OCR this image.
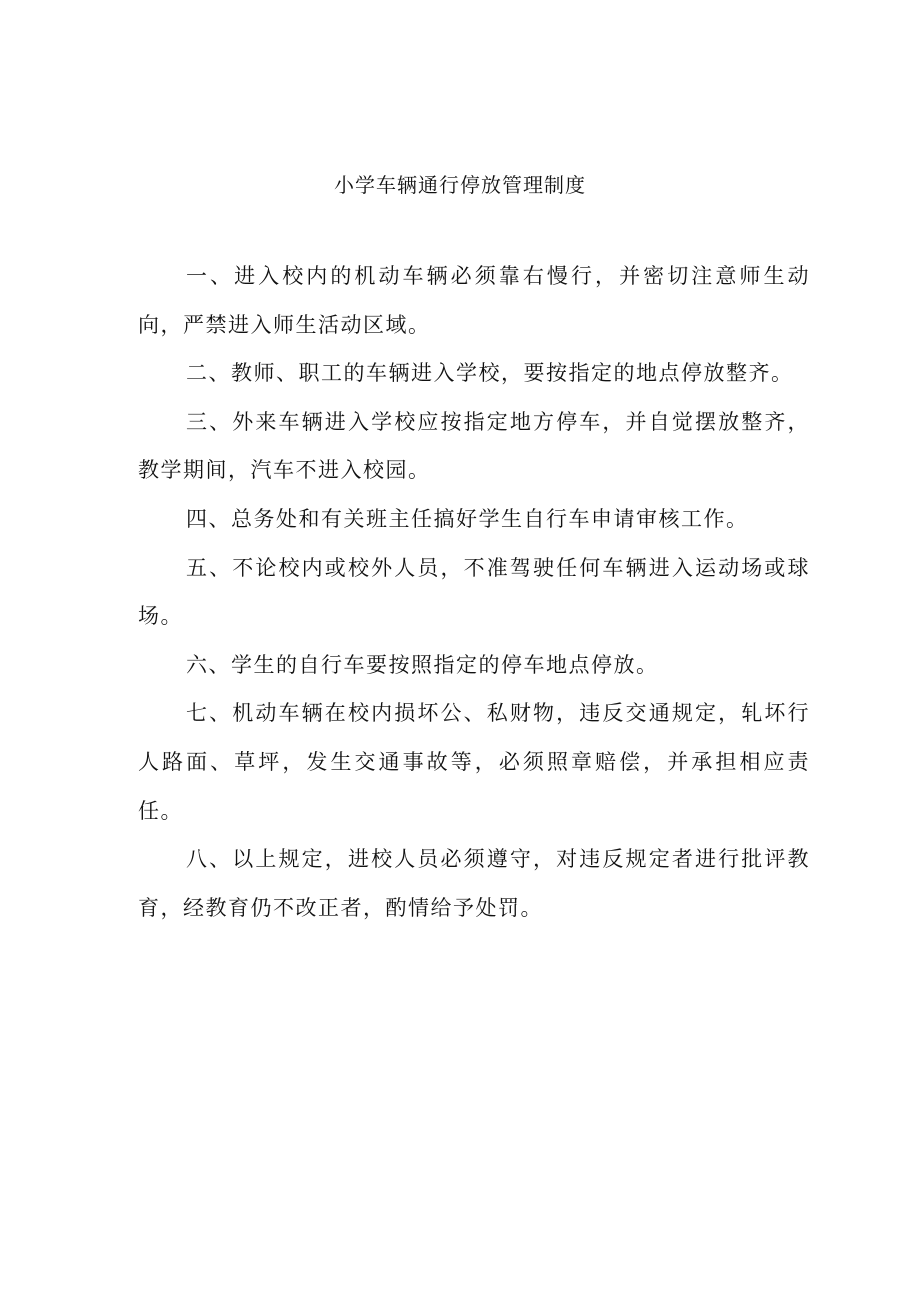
小学车辆通行停放管理制度

一、进入校内的机动车辆必须靠右慢行，并密切注意师生动向，严禁进入师生活动区域。

二、教师、职工的车辆进入学校，要按指定的地点停放整齐。

三、外来车辆进入学校应按指定地方停车，并自觉摆放整齐，教学期间，汽车不进入校园。

四、总务处和有关班主任搞好学生自行车申请审核工作。

五、不论校内或校外人员，不准驾驶任何车辆进入运动场或球场。

六、学生的自行车要按照指定的停车地点停放。

七、机动车辆在校内损坏公、私财物，违反交通规定，轧坏行人路面、草坪，发生交通事故等，必须照章赔偿，并承担相应责任。

八、以上规定，进校人员必须遵守，对违反规定者进行批评教育，经教育仍不改正者，酌情给予处罚。
